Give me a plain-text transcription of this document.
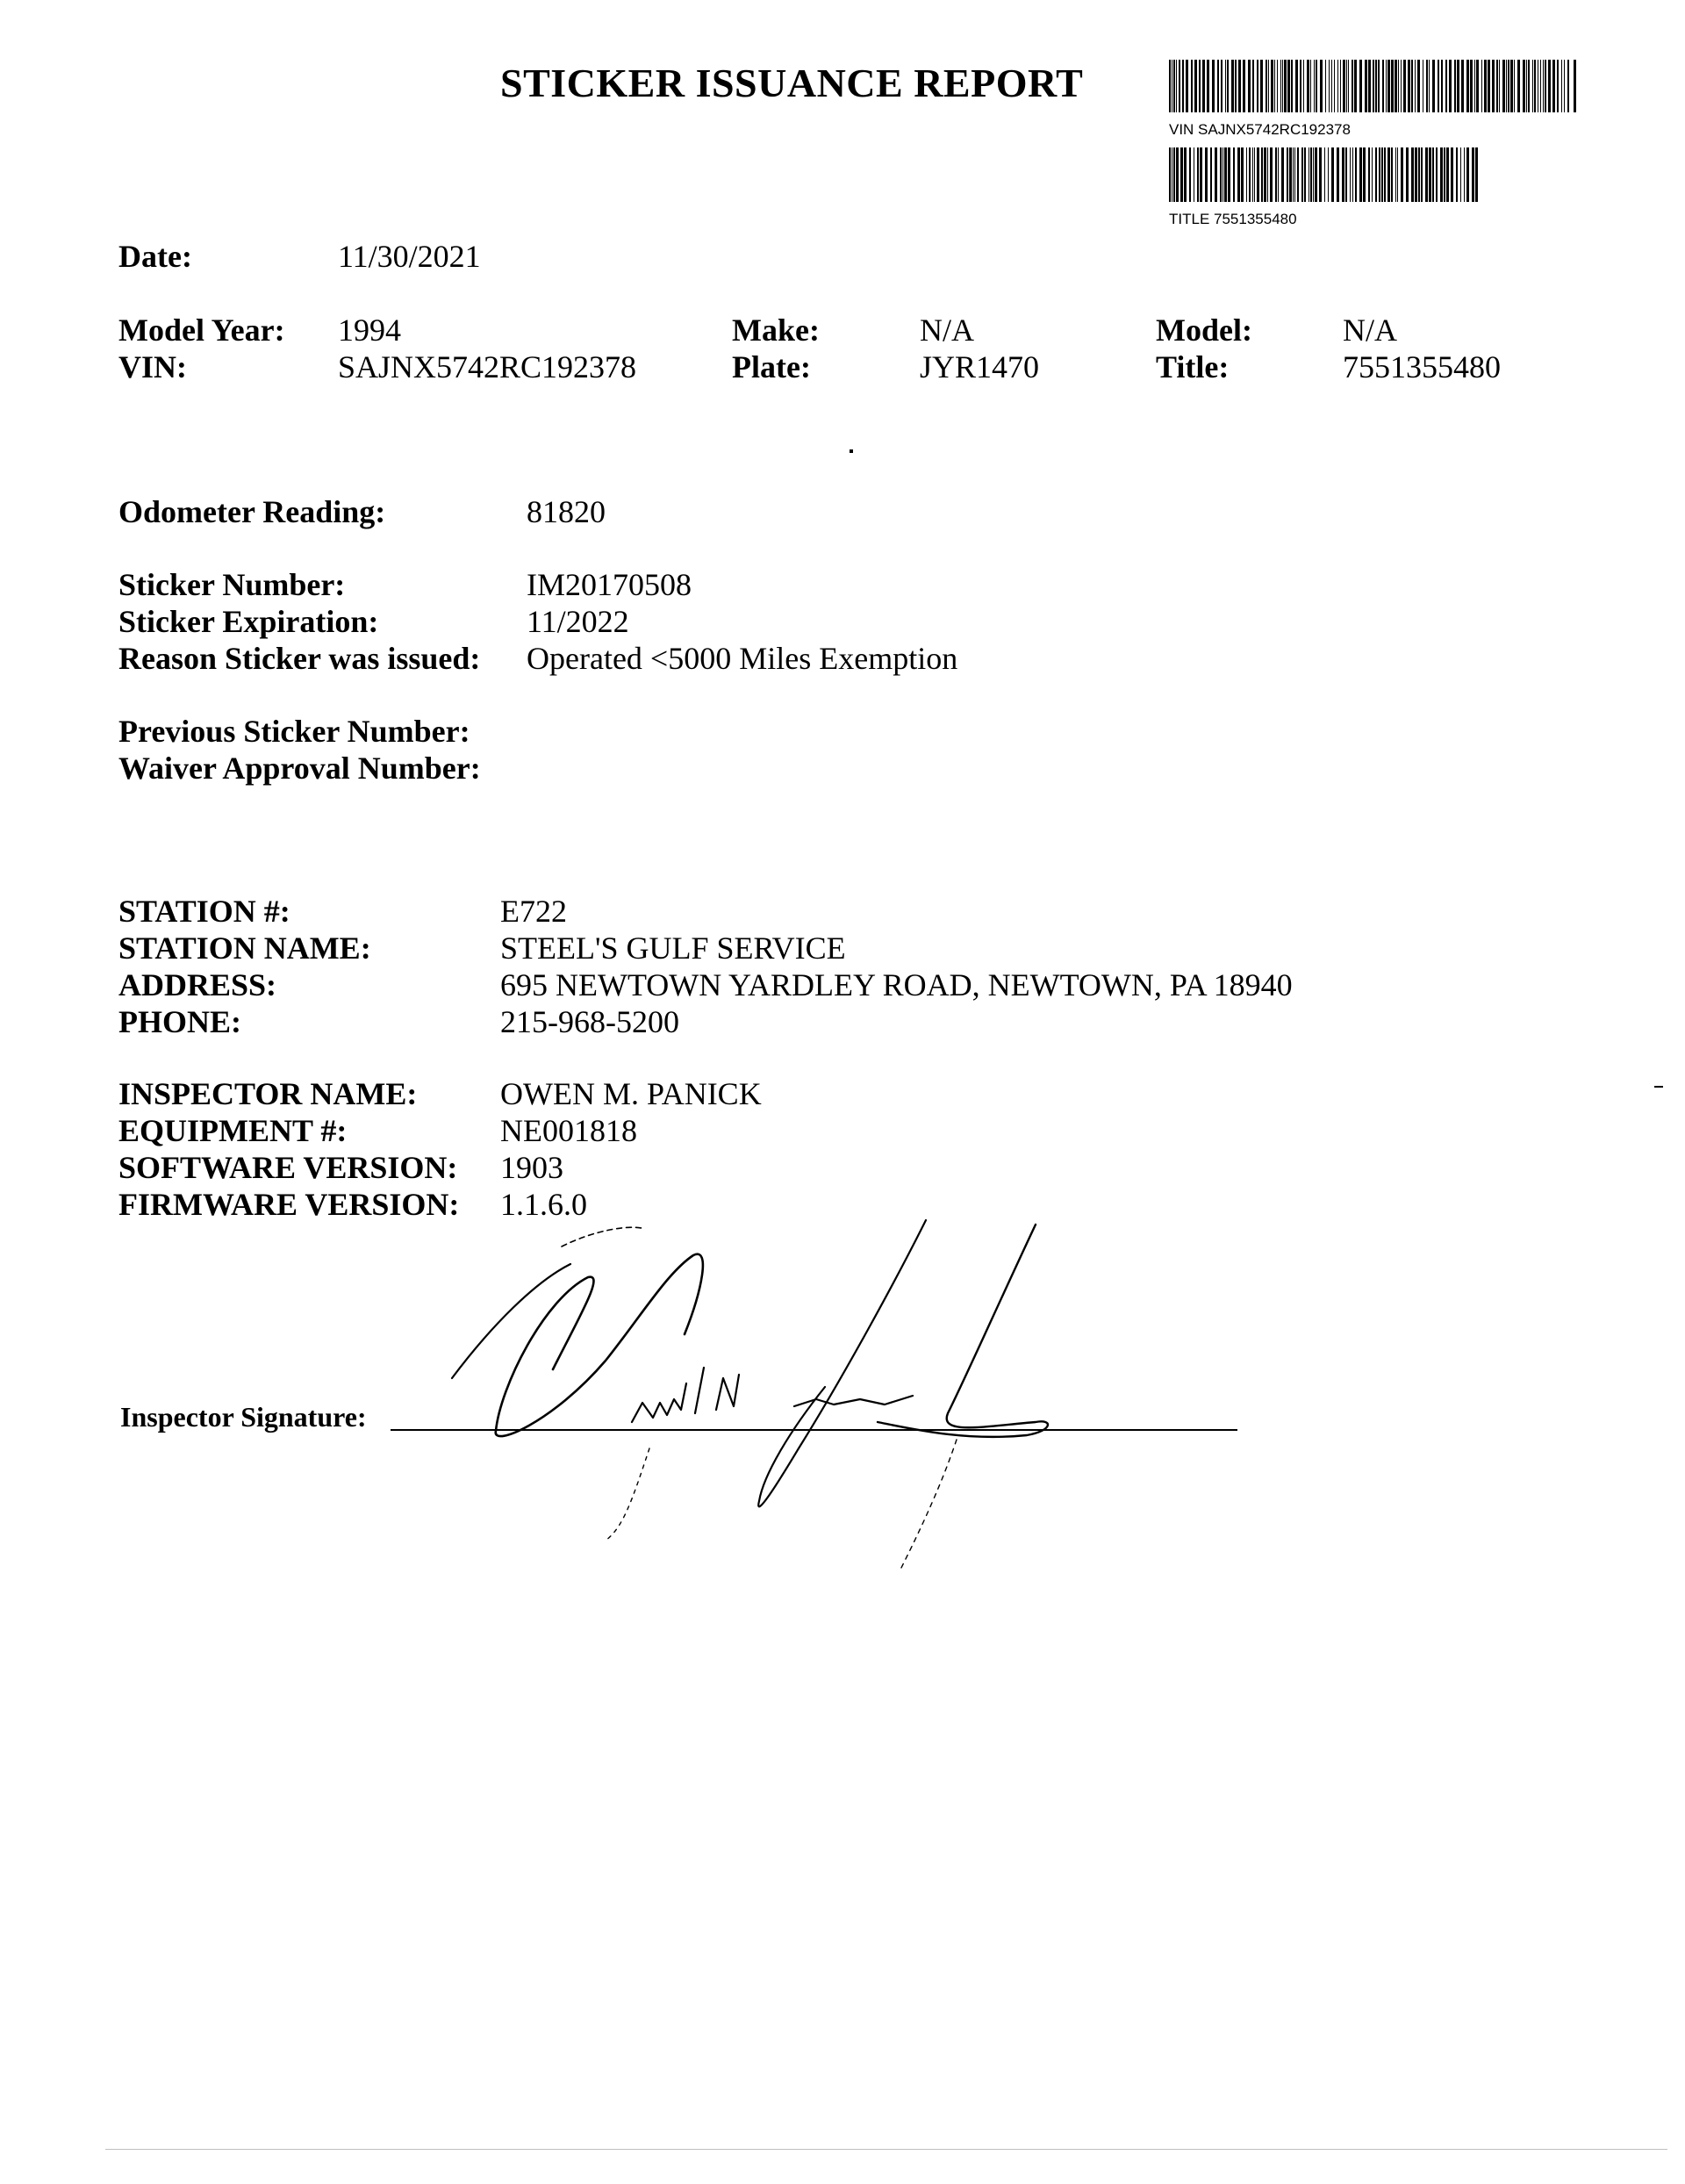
STICKER ISSUANCE REPORT
VIN SAJNX5742RC192378
TITLE 7551355480
Date:	11/30/2021
Model Year: 1994
VIN:	SAJNX5742RC192378
Make:	N/A
Plate:	JYR1470
Model:	N/A
Title:	7551355480
Odometer Reading:	81820
Sticker Number:	IM20170508
Sticker Expiration:	11/2022
Reason Sticker was issued: Operated <5000 Miles Exemption
Previous Sticker Number:
Waiver Approval Number:
STATION #:	E722
STATION NAME:	STEEL'S GULF SERVICE
ADDRESS:	695 NEWTOWN YARDLEY ROAD, NEWTOWN, PA 18940
PHONE:	215-968-5200
INSPECTOR NAME:	OWEN M. PANICK
EQUIPMENT #:	NE001818
SOFTWARE VERSION: 1903
FIRMWARE VERSION: 1.1.6.0
Inspector Signature:
